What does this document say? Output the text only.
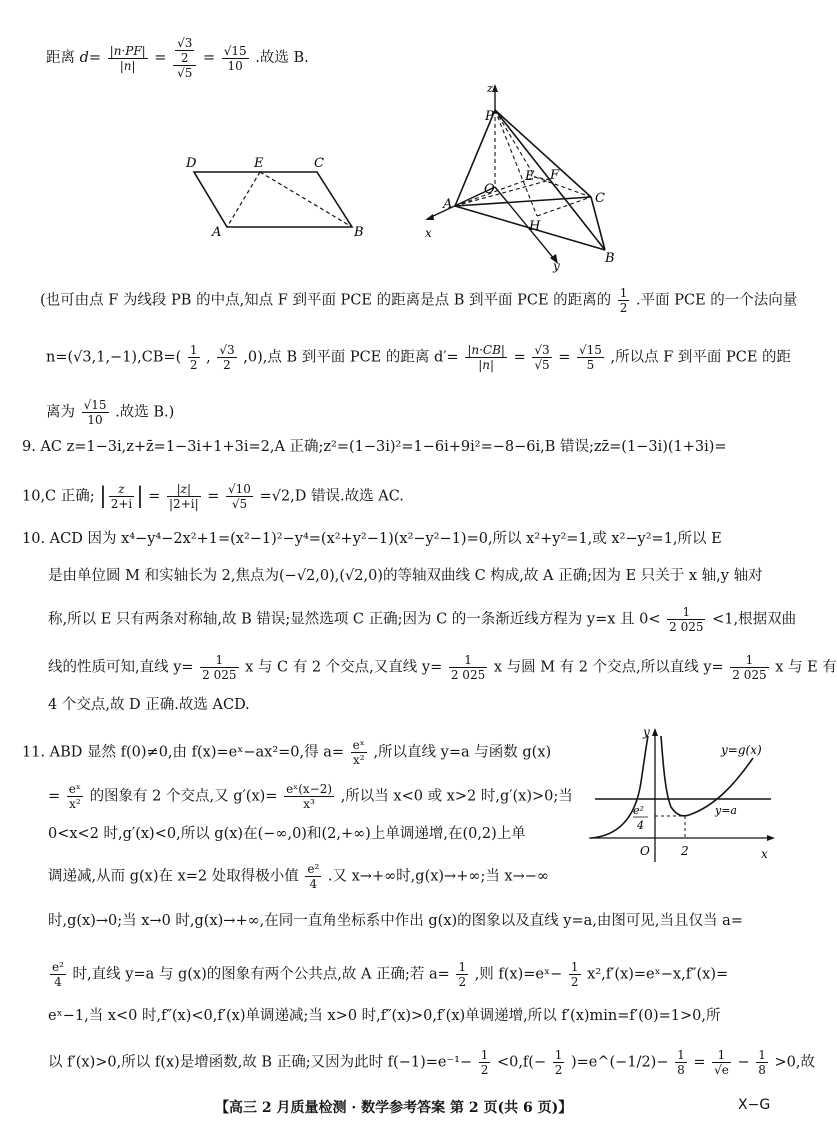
距离 $d= \frac{|n\cdot PF|}{|n|} = \frac{\frac{√3}{2}}{√5} = \frac{√15}{10}$ .故选 B.
D	E	C
A	B
z
P
O
E F
C
A
H
B
x
y
(也可由点 F 为线段 PB 的中点,知点 F 到平面 PCE 的距离是点 B 到平面 PCE 的距离的 $\frac{1}{2}$ .平面 PCE 的一个法向量
$n=(√3,1,-1),CB=( \frac{1}{2}$ , $\frac{√3}{2} ,0$),点 B 到平面 PCE 的距离 $d'= \frac{|n\cdot CB|}{|n|} = \frac{√3}{√5} = \frac{√15}{5}$ ,所以点 F 到平面 PCE 的距
离为 $\frac{√15}{10}$ .故选 B.)
9. AC z=1−3i,z+z̄=1−3i+1+3i=2,A 正确;z²=(1−3i)²=1−6i+9i²=−8−6i,B 错误;zz̄=(1−3i)(1+3i)=
10,C 正确; | $\frac{z}{2+i}$ | = $\frac{|z|}{|2+i|} = \frac{√10}{√5} =√2,D$ 错误.故选 AC.
10. ACD 因为 x⁴−y⁴−2x²+1=(x²−1)²−y⁴=(x²+y²−1)(x²−y²−1)=0,所以 x²+y²=1,或 x²−y²=1,所以 E
是由单位圆 M 和实轴长为 2,焦点为(−√2,0),(√2,0)的等轴双曲线 C 构成,故 A 正确;因为 E 只关于 x 轴,y 轴对
称,所以 E 只有两条对称轴,故 B 错误;显然选项 C 正确;因为 C 的一条渐近线方程为 y=x 且 $0< \frac{1}{2 025} <1$,根据双曲
线的性质可知,直线 $y= \frac{1}{2 025}$ x 与 C 有 2 个交点,又直线 $y= \frac{1}{2 025}$ x 与圆 M 有 2 个交点,所以直线 $y= \frac{1}{2 025}$ x 与 E 有
4 个交点,故 D 正确.故选 ACD.
11. ABD 显然 f(0)≠0,由 f(x)=eˣ−ax²=0,得 $a= \frac{\text{eˣ}}{\text{x²}}$ ,所以直线 y=a 与函数 g(x)
= $\frac{\text{eˣ}}{\text{x²}}$ 的图象有 2 个交点,又 $g'(x)= \frac{\text{eˣ(x−2)}}{\text{x³}}$ ,所以当 x<0 或 x>2 时,g′(x)>0;当
0<x<2 时,g′(x)<0,所以 g(x)在(−∞,0)和(2,+∞)上单调递增,在(0,2)上单
调递减,从而 g(x)在 x=2 处取得极小值 $\frac{\text{e²}}{4}$ .又 x→+∞时,g(x)→+∞;当 x→−∞
时,g(x)→0;当 x→0 时,g(x)→+∞,在同一直角坐标系中作出 g(x)的图象以及直线 y=a,由图可见,当且仅当 a=
$\frac{\text{e²}}{4}$ 时,直线 y=a 与 g(x)的图象有两个公共点,故 A 正确;若 $a= \frac{1}{2}$ ,则 f(x)=eˣ− $\frac{1}{2}$ x²,f′(x)=eˣ−x,f″(x)=
eˣ−1,当 x<0 时,f″(x)<0,f′(x)单调递减;当 x>0 时,f″(x)>0,f′(x)单调递增,所以 f′(x)min=f′(0)=1>0,所
以 f′(x)>0,所以 f(x)是增函数,故 B 正确;又因为此时 $f(-1)=e^{-1}- \frac{1}{2} <0,f(- \frac{1}{2}$ )=e^(−1/2)− $\frac{1}{8} = \frac{1}{√e} - \frac{1}{8} >0$,故
y
y=g(x)
y=a
O	2	x
e²
4
【高三 2 月质量检测 · 数学参考答案 第 2 页(共 6 页)】	X−G
